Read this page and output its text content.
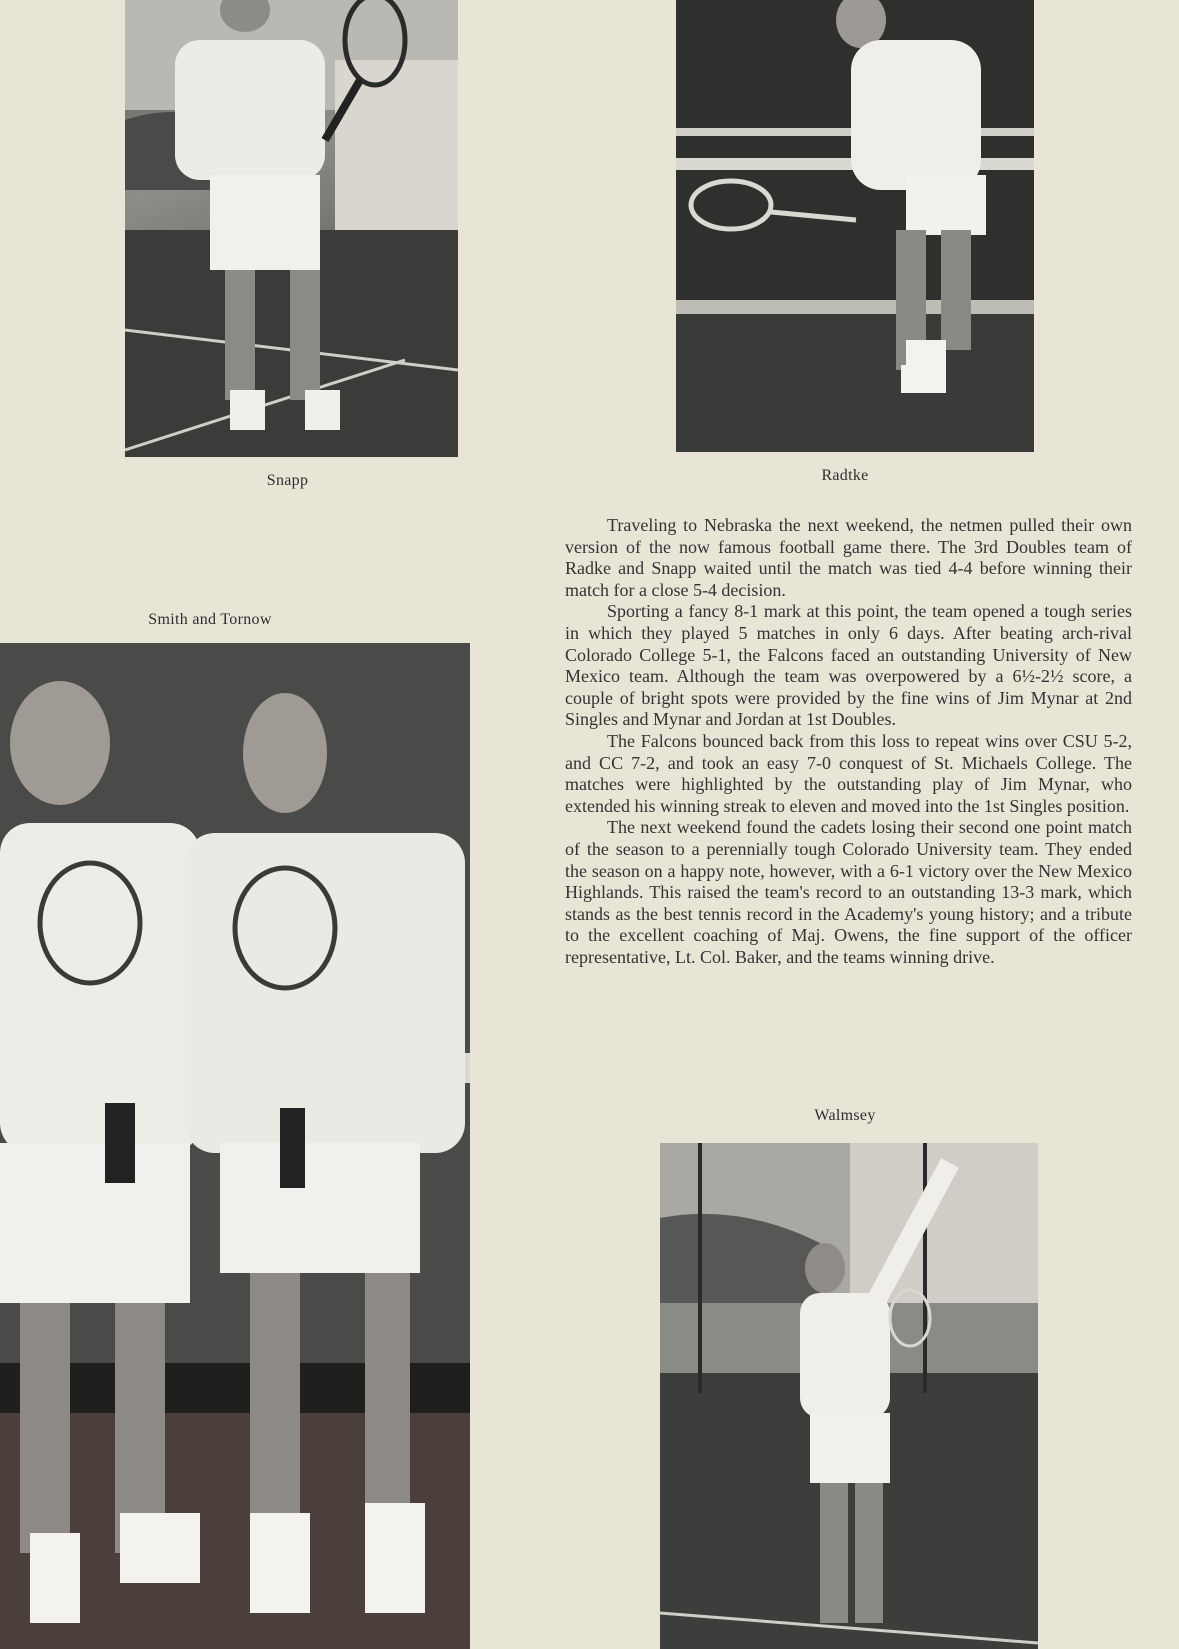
Snapp	Radtke
Smith and Tornow
Walmsey

Traveling to Nebraska the next weekend, the netmen pulled their own version of the now famous football game there. The 3rd Doubles team of Radke and Snapp waited until the match was tied 4-4 before winning their match for a close 5-4 decision.

Sporting a fancy 8-1 mark at this point, the team opened a tough series in which they played 5 matches in only 6 days. After beating arch-rival Colorado College 5-1, the Falcons faced an outstanding University of New Mexico team. Although the team was overpowered by a 6½-2½ score, a couple of bright spots were provided by the fine wins of Jim Mynar at 2nd Singles and Mynar and Jordan at 1st Doubles.

The Falcons bounced back from this loss to repeat wins over CSU 5-2, and CC 7-2, and took an easy 7-0 conquest of St. Michaels College. The matches were highlighted by the outstanding play of Jim Mynar, who extended his winning streak to eleven and moved into the 1st Singles position.

The next weekend found the cadets losing their second one point match of the season to a perennially tough Colorado University team. They ended the season on a happy note, however, with a 6-1 victory over the New Mexico Highlands. This raised the team's record to an outstanding 13-3 mark, which stands as the best tennis record in the Academy's young history; and a tribute to the excellent coaching of Maj. Owens, the fine support of the officer representative, Lt. Col. Baker, and the teams winning drive.
